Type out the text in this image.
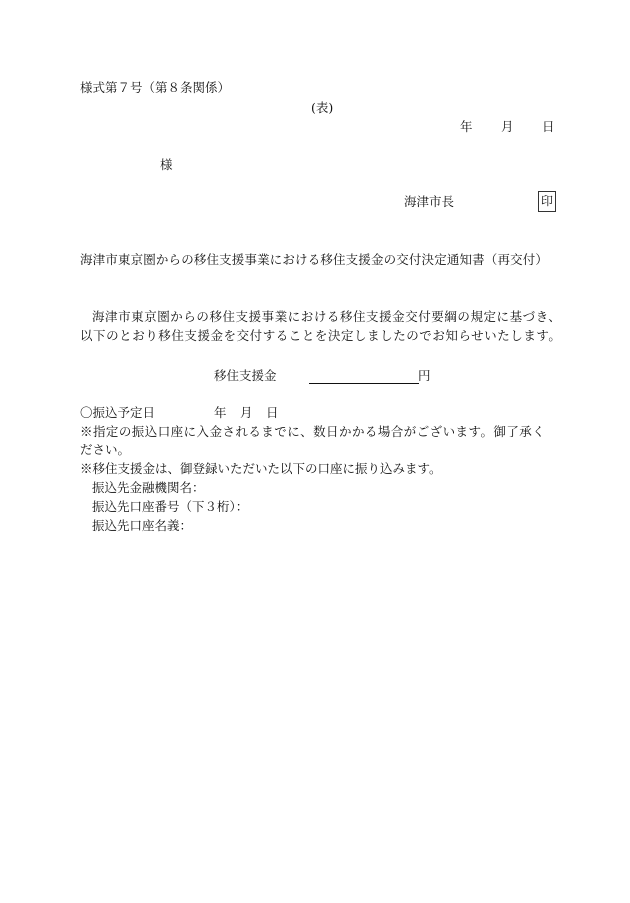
様式第７号（第８条関係）
(表)
年 月 日
様
海津市長	印
海津市東京圏からの移住支援事業における移住支援金の交付決定通知書（再交付）
海津市東京圏からの移住支援事業における移住支援金交付要綱の規定に基づき、
以下のとおり移住支援金を交付することを決定しましたのでお知らせいたします。
移住支援金	円
〇振込予定日	年 月 日
※指定の振込口座に入金されるまでに、数日かかる場合がございます。御了承く
ださい。
※移住支援金は、御登録いただいた以下の口座に振り込みます。
振込先金融機関名：
振込先口座番号（下３桁）：
振込先口座名義：
